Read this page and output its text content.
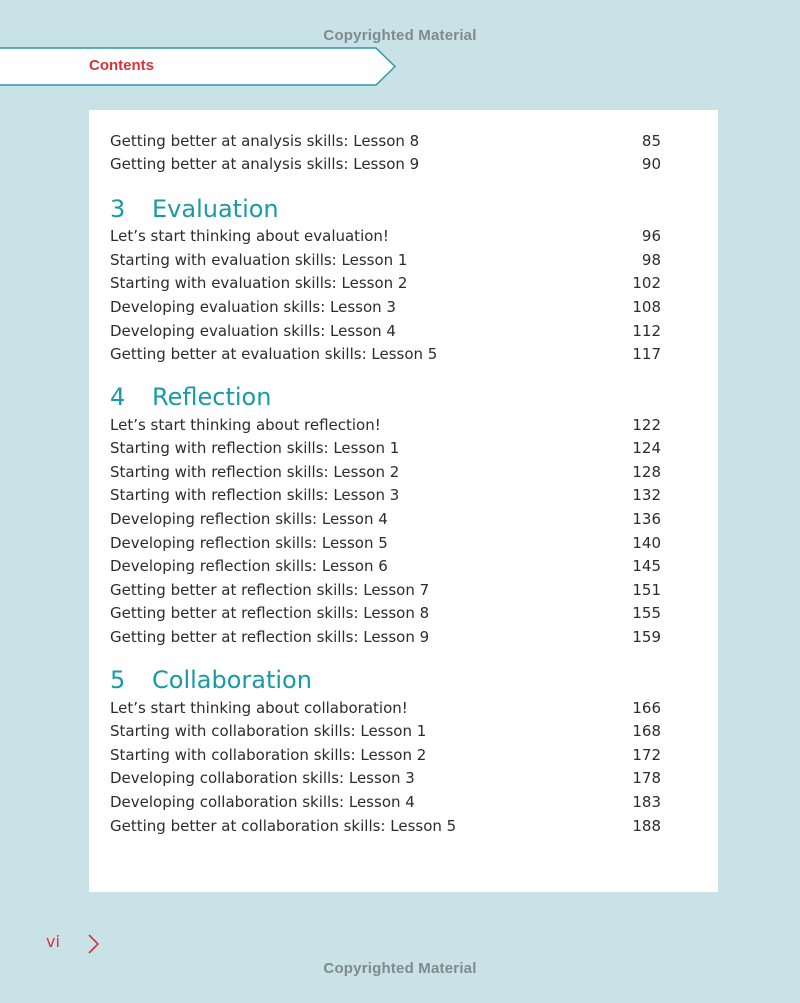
Copyrighted Material
Contents
Getting better at analysis skills: Lesson 8	85
Getting better at analysis skills: Lesson 9	90
3 Evaluation
Let’s start thinking about evaluation!	96
Starting with evaluation skills: Lesson 1	98
Starting with evaluation skills: Lesson 2	102
Developing evaluation skills: Lesson 3	108
Developing evaluation skills: Lesson 4	112
Getting better at evaluation skills: Lesson 5	117
4 Reflection
Let’s start thinking about reflection!	122
Starting with reflection skills: Lesson 1	124
Starting with reflection skills: Lesson 2	128
Starting with reflection skills: Lesson 3	132
Developing reflection skills: Lesson 4	136
Developing reflection skills: Lesson 5	140
Developing reflection skills: Lesson 6	145
Getting better at reflection skills: Lesson 7	151
Getting better at reflection skills: Lesson 8	155
Getting better at reflection skills: Lesson 9	159
5 Collaboration
Let’s start thinking about collaboration!	166
Starting with collaboration skills: Lesson 1	168
Starting with collaboration skills: Lesson 2	172
Developing collaboration skills: Lesson 3	178
Developing collaboration skills: Lesson 4	183
Getting better at collaboration skills: Lesson 5	188
vi
Copyrighted Material
